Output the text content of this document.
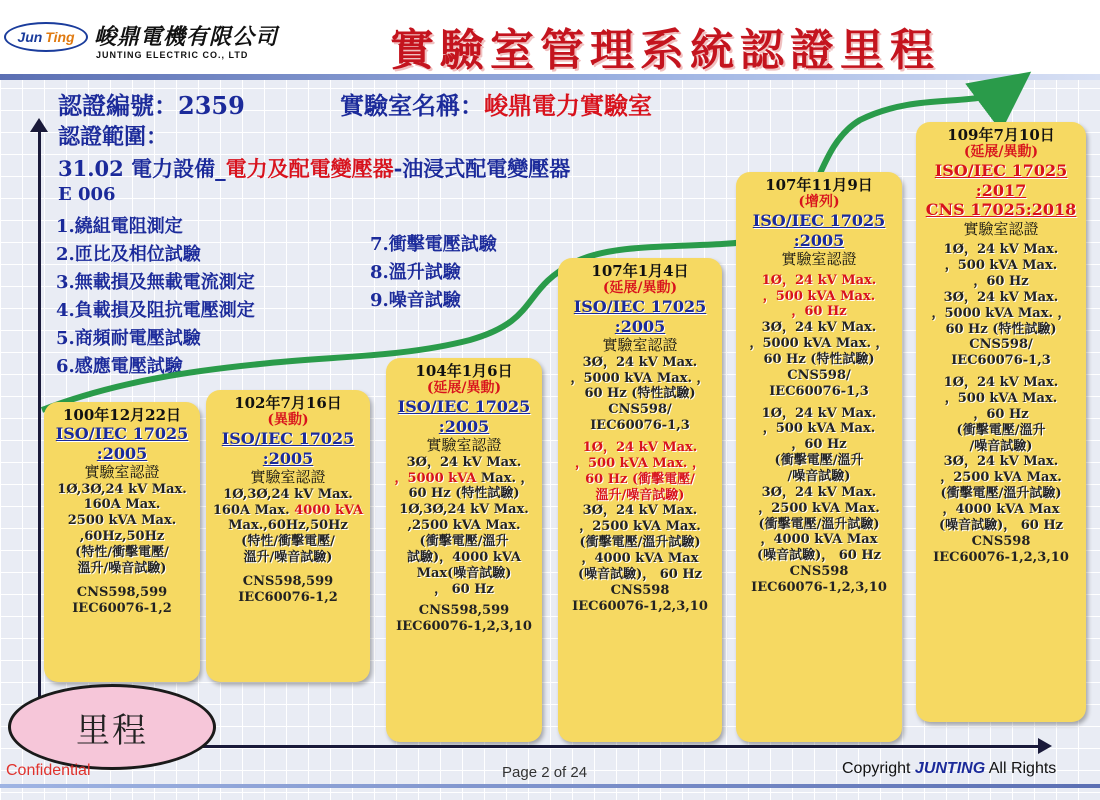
Jun Ting 峻鼎電機有限公司
JUNTING ELECTRIC CO., LTD	實驗室管理系統認證里程
認證編號：2359	實驗室名稱：峻鼎電力實驗室
認證範圍：
31.02 電力設備_電力及配電變壓器-油浸式配電變壓器
E 006
1.繞組電阻測定
2.匝比及相位試驗
3.無載損及無載電流測定
4.負載損及阻抗電壓測定
5.商頻耐電壓試驗
6.感應電壓試驗
7.衝擊電壓試驗
8.溫升試驗
9.噪音試驗
100年12月22日
ISO/IEC 17025
:2005
實驗室認證
1Ø,3Ø,24 kV Max.
160A Max.
2500 kVA Max.
,60Hz,50Hz
(特性/衝擊電壓/
溫升/噪音試驗)
CNS598,599
IEC60076-1,2
102年7月16日
(異動)
ISO/IEC 17025
:2005
實驗室認證
1Ø,3Ø,24 kV Max.
160A Max. 4000 kVA
Max.,60Hz,50Hz
(特性/衝擊電壓/
溫升/噪音試驗)
CNS598,599
IEC60076-1,2
104年1月6日
(延展/異動)
ISO/IEC 17025
:2005
實驗室認證
3Ø，24 kV Max.
，5000 kVA Max. ，
60 Hz (特性試驗)
1Ø,3Ø,24 kV Max.
,2500 kVA Max.
(衝擊電壓/溫升
試驗)，4000 kVA
Max(噪音試驗)
， 60 Hz
CNS598,599
IEC60076-1,2,3,10
107年1月4日
(延展/異動)
ISO/IEC 17025
:2005
實驗室認證
3Ø，24 kV Max.
，5000 kVA Max. ，
60 Hz (特性試驗)
CNS598/
IEC60076-1,3
1Ø，24 kV Max.
，500 kVA Max. ，
60 Hz (衝擊電壓/
溫升/噪音試驗)
3Ø，24 kV Max.
，2500 kVA Max.
(衝擊電壓/溫升試驗)
，4000 kVA Max
(噪音試驗)， 60 Hz
CNS598
IEC60076-1,2,3,10
107年11月9日
(增列)
ISO/IEC 17025
:2005
實驗室認證
1Ø，24 kV Max.
，500 kVA Max.
，60 Hz
3Ø，24 kV Max.
，5000 kVA Max. ，
60 Hz (特性試驗)
CNS598/
IEC60076-1,3
1Ø，24 kV Max.
，500 kVA Max.
，60 Hz
(衝擊電壓/溫升
/噪音試驗)
3Ø，24 kV Max.
，2500 kVA Max.
(衝擊電壓/溫升試驗)
，4000 kVA Max
(噪音試驗)， 60 Hz
CNS598
IEC60076-1,2,3,10
109年7月10日
(延展/異動)
ISO/IEC 17025
:2017
CNS 17025:2018
實驗室認證
1Ø，24 kV Max.
，500 kVA Max.
，60 Hz
3Ø，24 kV Max.
，5000 kVA Max. ，
60 Hz (特性試驗)
CNS598/
IEC60076-1,3
1Ø，24 kV Max.
，500 kVA Max.
，60 Hz
(衝擊電壓/溫升
/噪音試驗)
3Ø，24 kV Max.
，2500 kVA Max.
(衝擊電壓/溫升試驗)
，4000 kVA Max
(噪音試驗)， 60 Hz
CNS598
IEC60076-1,2,3,10
里程
Confidential	Page 2 of 24	Copyright JUNTING All Rights
